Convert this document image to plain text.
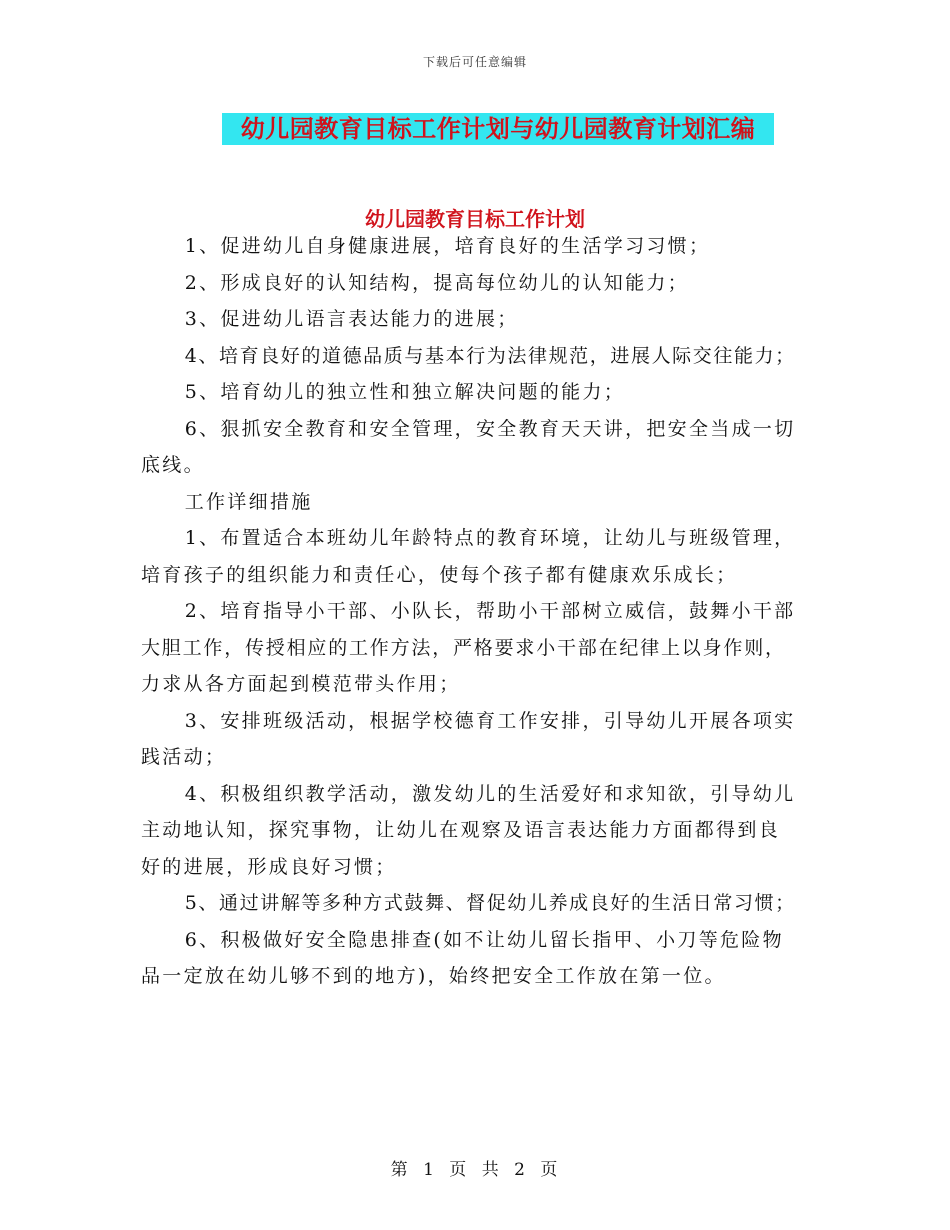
下载后可任意编辑
幼儿园教育目标工作计划与幼儿园教育计划汇编
幼儿园教育目标工作计划

1、促进幼儿自身健康进展，培育良好的生活学习习惯；

2、形成良好的认知结构，提高每位幼儿的认知能力；

3、促进幼儿语言表达能力的进展；

4、培育良好的道德品质与基本行为法律规范，进展人际交往能力；

5、培育幼儿的独立性和独立解决问题的能力；

6、狠抓安全教育和安全管理，安全教育天天讲，把安全当成一切

底线。

工作详细措施

1、布置适合本班幼儿年龄特点的教育环境，让幼儿与班级管理，

培育孩子的组织能力和责任心，使每个孩子都有健康欢乐成长；

2、培育指导小干部、小队长，帮助小干部树立威信，鼓舞小干部

大胆工作，传授相应的工作方法，严格要求小干部在纪律上以身作则，

力求从各方面起到模范带头作用；

3、安排班级活动，根据学校德育工作安排，引导幼儿开展各项实

践活动；

4、积极组织教学活动，激发幼儿的生活爱好和求知欲，引导幼儿

主动地认知，探究事物，让幼儿在观察及语言表达能力方面都得到良

好的进展，形成良好习惯；

5、通过讲解等多种方式鼓舞、督促幼儿养成良好的生活日常习惯；

6、积极做好安全隐患排查(如不让幼儿留长指甲、小刀等危险物

品一定放在幼儿够不到的地方)，始终把安全工作放在第一位。

第 1 页 共 2 页
